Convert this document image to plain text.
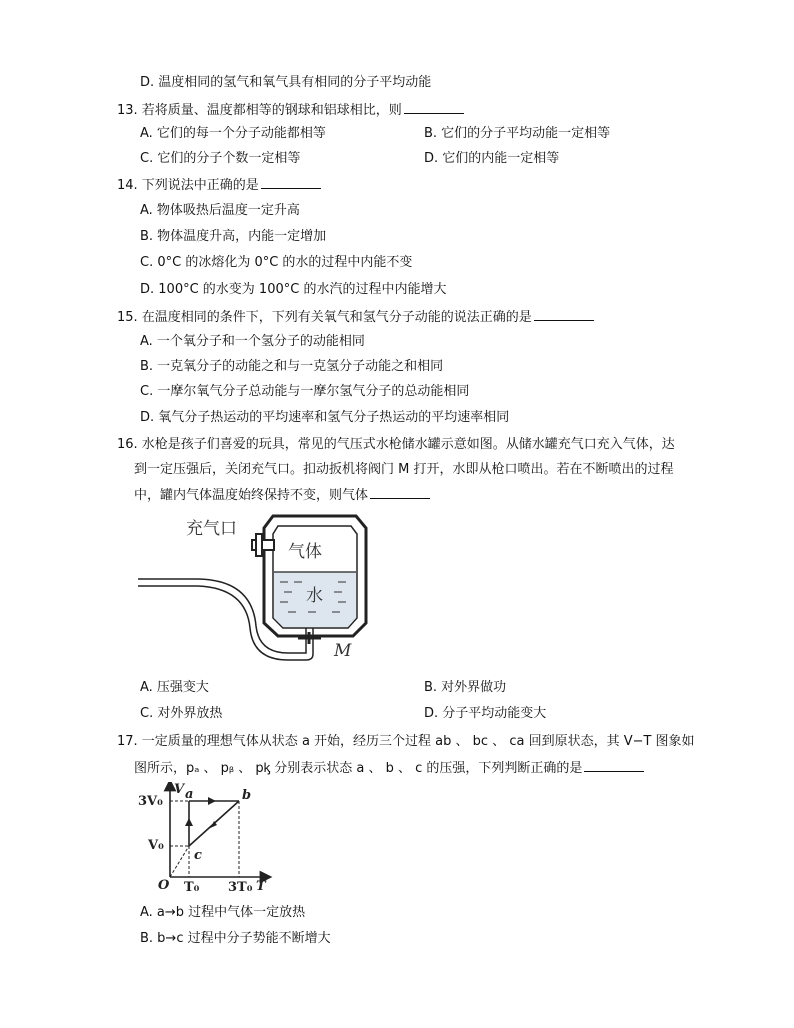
D. 温度相同的氢气和氧气具有相同的分子平均动能
13. 若将质量、温度都相等的钢球和铝球相比，则
A. 它们的每一个分子动能都相等	B. 它们的分子平均动能一定相等
C. 它们的分子个数一定相等	D. 它们的内能一定相等
14. 下列说法中正确的是
A. 物体吸热后温度一定升高
B. 物体温度升高，内能一定增加
C. 0°C 的冰熔化为 0°C 的水的过程中内能不变
D. 100°C 的水变为 100°C 的水汽的过程中内能增大
15. 在温度相同的条件下，下列有关氧气和氢气分子动能的说法正确的是
A. 一个氧分子和一个氢分子的动能相同
B. 一克氧分子的动能之和与一克氢分子动能之和相同
C. 一摩尔氧气分子总动能与一摩尔氢气分子的总动能相同
D. 氧气分子热运动的平均速率和氢气分子热运动的平均速率相同
16. 水枪是孩子们喜爱的玩具，常见的气压式水枪储水罐示意如图。从储水罐充气口充入气体，达
到一定压强后，关闭充气口。扣动扳机将阀门 M 打开，水即从枪口喷出。若在不断喷出的过程
中，罐内气体温度始终保持不变，则气体
充气口
气体
水
M
A. 压强变大	B. 对外界做功
C. 对外界放热	D. 分子平均动能变大
17. 一定质量的理想气体从状态 a 开始，经历三个过程 ab 、 bc 、 ca 回到原状态，其 V−T 图象如
图所示，pₐ 、 pᵦ 、 pᶄ 分别表示状态 a 、 b 、 c 的压强，下列判断正确的是
3V₀
V
V₀
O T₀ 3T₀ T
a	b
c
A. a→b 过程中气体一定放热
B. b→c 过程中分子势能不断增大
